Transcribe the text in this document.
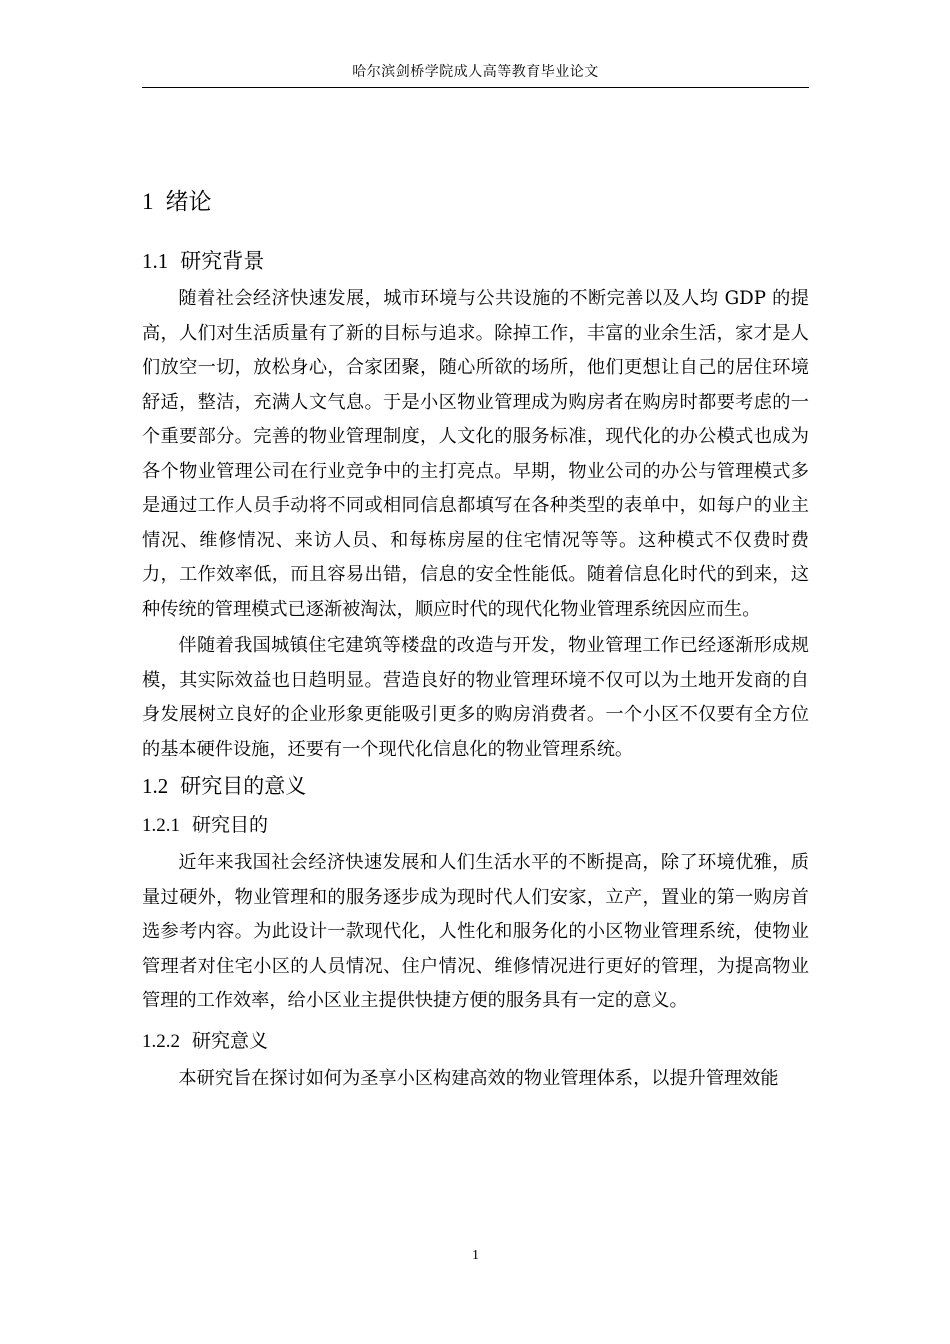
哈尔滨剑桥学院成人高等教育毕业论文
1 绪论
1.1 研究背景

随着社会经济快速发展，城市环境与公共设施的不断完善以及人均 GDP 的提高，人们对生活质量有了新的目标与追求。除掉工作，丰富的业余生活，家才是人们放空一切，放松身心，合家团聚，随心所欲的场所，他们更想让自己的居住环境舒适，整洁，充满人文气息。于是小区物业管理成为购房者在购房时都要考虑的一个重要部分。完善的物业管理制度，人文化的服务标准，现代化的办公模式也成为各个物业管理公司在行业竞争中的主打亮点。早期，物业公司的办公与管理模式多是通过工作人员手动将不同或相同信息都填写在各种类型的表单中，如每户的业主情况、维修情况、来访人员、和每栋房屋的住宅情况等等。这种模式不仅费时费力，工作效率低，而且容易出错，信息的安全性能低。随着信息化时代的到来，这种传统的管理模式已逐渐被淘汰，顺应时代的现代化物业管理系统因应而生。

伴随着我国城镇住宅建筑等楼盘的改造与开发，物业管理工作已经逐渐形成规模，其实际效益也日趋明显。营造良好的物业管理环境不仅可以为土地开发商的自身发展树立良好的企业形象更能吸引更多的购房消费者。一个小区不仅要有全方位的基本硬件设施，还要有一个现代化信息化的物业管理系统。

1.2 研究目的意义
1.2.1 研究目的

近年来我国社会经济快速发展和人们生活水平的不断提高，除了环境优雅，质量过硬外，物业管理和的服务逐步成为现时代人们安家，立产，置业的第一购房首选参考内容。为此设计一款现代化，人性化和服务化的小区物业管理系统，使物业管理者对住宅小区的人员情况、住户情况、维修情况进行更好的管理，为提高物业管理的工作效率，给小区业主提供快捷方便的服务具有一定的意义。

1.2.2 研究意义

本研究旨在探讨如何为圣享小区构建高效的物业管理体系，以提升管理效能

1
